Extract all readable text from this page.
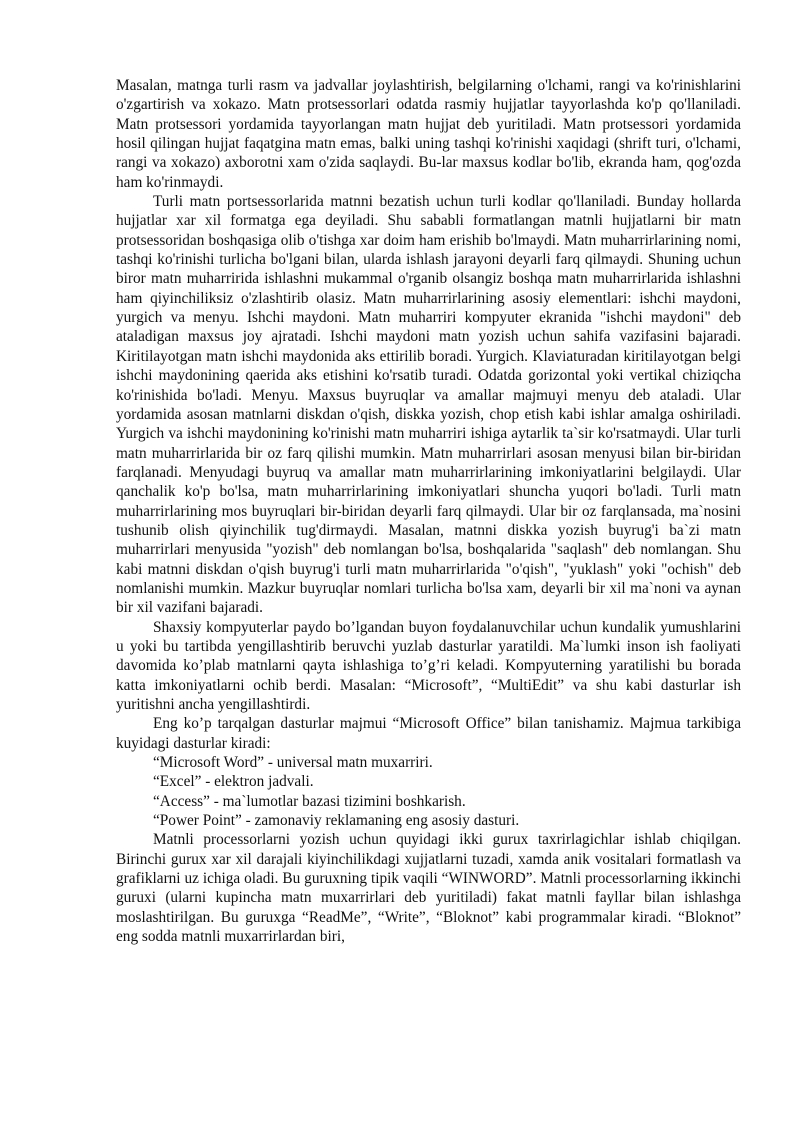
Masalan, matnga turli rasm va jadvallar joylashtirish, belgilarning o'lchami, rangi va ko'rinishlarini o'zgartirish va xokazo. Matn protsessorlari odatda rasmiy hujjatlar tayyorlashda ko'p qo'llaniladi. Matn protsessori yordamida tayyorlangan matn hujjat deb yuritiladi. Matn protsessori yordamida hosil qilingan hujjat faqatgina matn emas, balki uning tashqi ko'rinishi xaqidagi (shrift turi, o'lchami, rangi va xokazo) axborotni xam o'zida saqlaydi. Bu-lar maxsus kodlar bo'lib, ekranda ham, qog'ozda ham ko'rinmaydi.

Turli matn portsessorlarida matnni bezatish uchun turli kodlar qo'llaniladi. Bunday hollarda hujjatlar xar xil formatga ega deyiladi. Shu sababli formatlangan matnli hujjatlarni bir matn protsessoridan boshqasiga olib o'tishga xar doim ham erishib bo'lmaydi. Matn muharrirlarining nomi, tashqi ko'rinishi turlicha bo'lgani bilan, ularda ishlash jarayoni deyarli farq qilmaydi. Shuning uchun biror matn muharririda ishlashni mukammal o'rganib olsangiz boshqa matn muharrirlarida ishlashni ham qiyinchiliksiz o'zlashtirib olasiz. Matn muharrirlarining asosiy elementlari: ishchi maydoni, yurgich va menyu. Ishchi maydoni. Matn muharriri kompyuter ekranida "ishchi maydoni" deb ataladigan maxsus joy ajratadi. Ishchi maydoni matn yozish uchun sahifa vazifasini bajaradi. Kiritilayotgan matn ishchi maydonida aks ettirilib boradi. Yurgich. Klaviaturadan kiritilayotgan belgi ishchi maydonining qaerida aks etishini ko'rsatib turadi. Odatda gorizontal yoki vertikal chiziqcha ko'rinishida bo'ladi. Menyu. Maxsus buyruqlar va amallar majmuyi menyu deb ataladi. Ular yordamida asosan matnlarni diskdan o'qish, diskka yozish, chop etish kabi ishlar amalga oshiriladi. Yurgich va ishchi maydonining ko'rinishi matn muharriri ishiga aytarlik ta`sir ko'rsatmaydi. Ular turli matn muharrirlarida bir oz farq qilishi mumkin. Matn muharrirlari asosan menyusi bilan bir-biridan farqlanadi. Menyudagi buyruq va amallar matn muharrirlarining imkoniyatlarini belgilaydi. Ular qanchalik ko'p bo'lsa, matn muharrirlarining imkoniyatlari shuncha yuqori bo'ladi. Turli matn muharrirlarining mos buyruqlari bir-biridan deyarli farq qilmaydi. Ular bir oz farqlansada, ma`nosini tushunib olish qiyinchilik tug'dirmaydi. Masalan, matnni diskka yozish buyrug'i ba`zi matn muharrirlari menyusida "yozish" deb nomlangan bo'lsa, boshqalarida "saqlash" deb nomlangan. Shu kabi matnni diskdan o'qish buyrug'i turli matn muharrirlarida "o'qish", "yuklash" yoki "ochish" deb nomlanishi mumkin. Mazkur buyruqlar nomlari turlicha bo'lsa xam, deyarli bir xil ma`noni va aynan bir xil vazifani bajaradi.

Shaxsiy kompyuterlar paydo bo’lgandan buyon foydalanuvchilar uchun kundalik yumushlarini u yoki bu tartibda yengillashtirib beruvchi yuzlab dasturlar yaratildi. Ma`lumki inson ish faoliyati davomida ko’plab matnlarni qayta ishlashiga to’g’ri keladi. Kompyuterning yaratilishi bu borada katta imkoniyatlarni ochib berdi. Masalan: “Microsoft”, “MultiEdit” va shu kabi dasturlar ish yuritishni ancha yengillashtirdi.

Eng ko’p tarqalgan dasturlar majmui “Microsoft Office” bilan tanishamiz. Majmua tarkibiga kuyidagi dasturlar kiradi:

“Microsoft Word” - universal matn muxarriri.

“Excel” - elektron jadvali.

“Access” - ma`lumotlar bazasi tizimini boshkarish.

“Power Point” - zamonaviy reklamaning eng asosiy dasturi.

Matnli processorlarni yozish uchun quyidagi ikki gurux taxrirlagichlar ishlab chiqilgan. Birinchi gurux xar xil darajali kiyinchilikdagi xujjatlarni tuzadi, xamda anik vositalari formatlash va grafiklarni uz ichiga oladi. Bu guruxning tipik vaqili “WINWORD”. Matnli processorlarning ikkinchi guruxi (ularni kupincha matn muxarrirlari deb yuritiladi) fakat matnli fayllar bilan ishlashga moslashtirilgan. Bu guruxga “ReadMe”, “Write”, “Bloknot” kabi programmalar kiradi. “Bloknot” eng sodda matnli muxarrirlardan biri,
